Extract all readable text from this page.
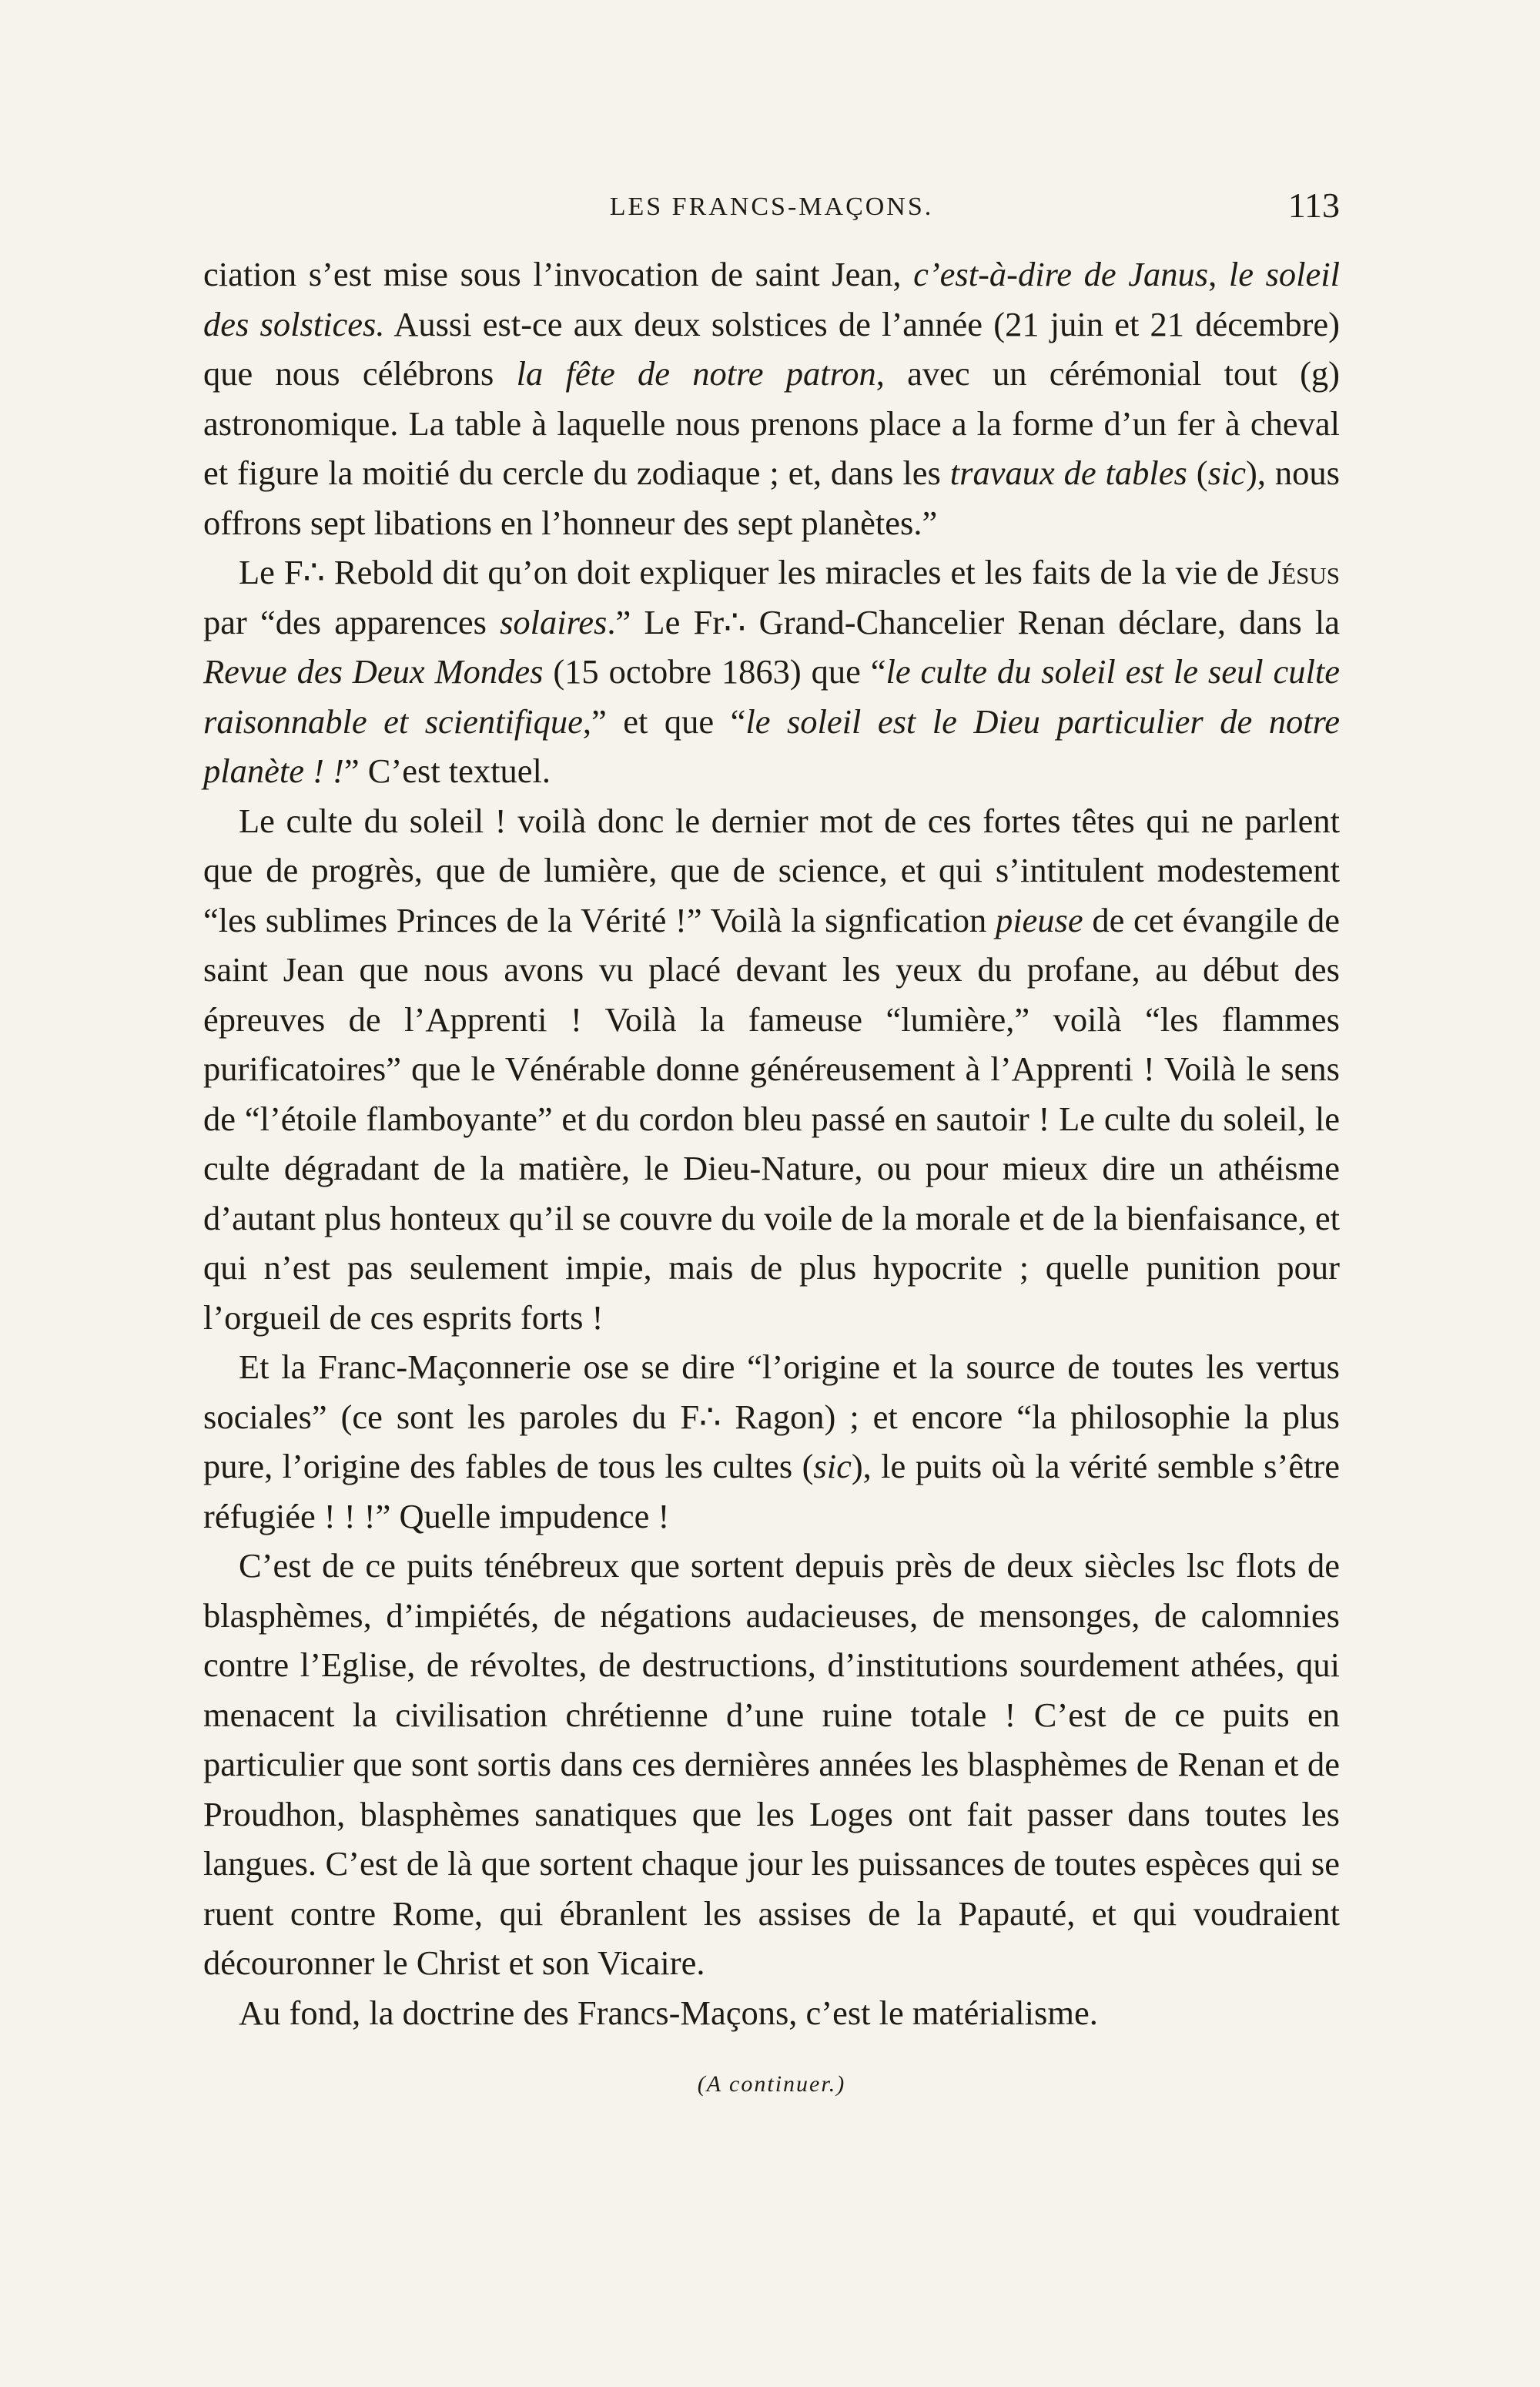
LES FRANCS-MAÇONS.	113

ciation s’est mise sous l’invocation de saint Jean, c’est-à-dire de Janus, le soleil des solstices. Aussi est-ce aux deux solstices de l’année (21 juin et 21 décembre) que nous célébrons la fête de notre patron, avec un cérémonial tout (g) astronomique. La table à laquelle nous prenons place a la forme d’un fer à cheval et figure la moitié du cercle du zodiaque ; et, dans les travaux de tables (sic), nous offrons sept libations en l’honneur des sept planètes.”

Le F∴ Rebold dit qu’on doit expliquer les miracles et les faits de la vie de Jésus par “des apparences solaires.” Le Fr∴ Grand-Chancelier Renan déclare, dans la Revue des Deux Mondes (15 octobre 1863) que “le culte du soleil est le seul culte raisonnable et scientifique,” et que “le soleil est le Dieu particulier de notre planète ! !” C’est textuel.

Le culte du soleil ! voilà donc le dernier mot de ces fortes têtes qui ne parlent que de progrès, que de lumière, que de science, et qui s’intitulent modestement “les sublimes Princes de la Vérité !” Voilà la signfication pieuse de cet évangile de saint Jean que nous avons vu placé devant les yeux du profane, au début des épreuves de l’Apprenti ! Voilà la fameuse “lumière,” voilà “les flammes purificatoires” que le Vénérable donne généreusement à l’Apprenti ! Voilà le sens de “l’étoile flamboyante” et du cordon bleu passé en sautoir ! Le culte du soleil, le culte dégradant de la matière, le Dieu-Nature, ou pour mieux dire un athéisme d’autant plus honteux qu’il se couvre du voile de la morale et de la bienfaisance, et qui n’est pas seulement impie, mais de plus hypocrite ; quelle punition pour l’orgueil de ces esprits forts !

Et la Franc-Maçonnerie ose se dire “l’origine et la source de toutes les vertus sociales” (ce sont les paroles du F∴ Ragon) ; et encore “la philosophie la plus pure, l’origine des fables de tous les cultes (sic), le puits où la vérité semble s’être réfugiée ! ! !” Quelle impudence !

C’est de ce puits ténébreux que sortent depuis près de deux siècles lsc flots de blasphèmes, d’impiétés, de négations audacieuses, de mensonges, de calomnies contre l’Eglise, de révoltes, de destructions, d’institutions sourdement athées, qui menacent la civilisation chrétienne d’une ruine totale ! C’est de ce puits en particulier que sont sortis dans ces dernières années les blasphèmes de Renan et de Proudhon, blasphèmes sanatiques que les Loges ont fait passer dans toutes les langues. C’est de là que sortent chaque jour les puissances de toutes espèces qui se ruent contre Rome, qui ébranlent les assises de la Papauté, et qui voudraient découronner le Christ et son Vicaire.

Au fond, la doctrine des Francs-Maçons, c’est le matérialisme.

(A continuer.)
